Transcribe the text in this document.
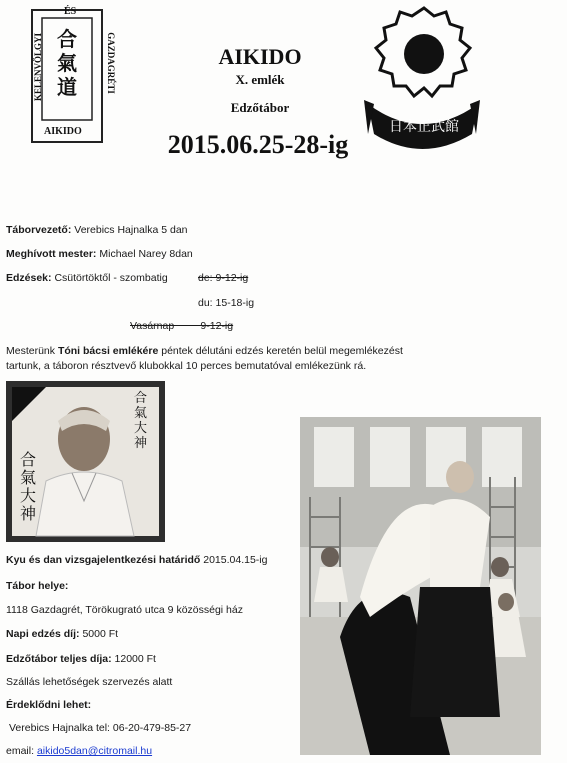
ÉS
KELENVÖLGYI	GAZDAGRÉTI
合氣道
AIKIDO	日本正武館
AIKIDO
X. emlék
Edzőtábor
2015.06.25-28-ig
Táborvezető: Verebics Hajnalka 5 dan
Meghívott mester: Michael Narey 8dan
Edzések: Csütörtöktől - szombatig	de: 9-12-ig
du: 15-18-ig
Vasárnap         9-12-ig
Mesterünk Tóni bácsi emlékére péntek délutáni edzés keretén belül megemlékezést
tartunk, a táboron résztvevő klubokkal 10 perces bemutatóval emlékezünk rá.
合氣大神
合氣大神
Kyu és dan vizsgajelentkezési határidő 2015.04.15-ig
Tábor helye:
1118 Gazdagrét, Törökugrató utca 9 közösségi ház
Napi edzés díj: 5000 Ft
Edzőtábor teljes díja: 12000 Ft
Szállás lehetőségek szervezés alatt
Érdeklődni lehet:
Verebics Hajnalka tel: 06-20-479-85-27
email: aikido5dan@citromail.hu
